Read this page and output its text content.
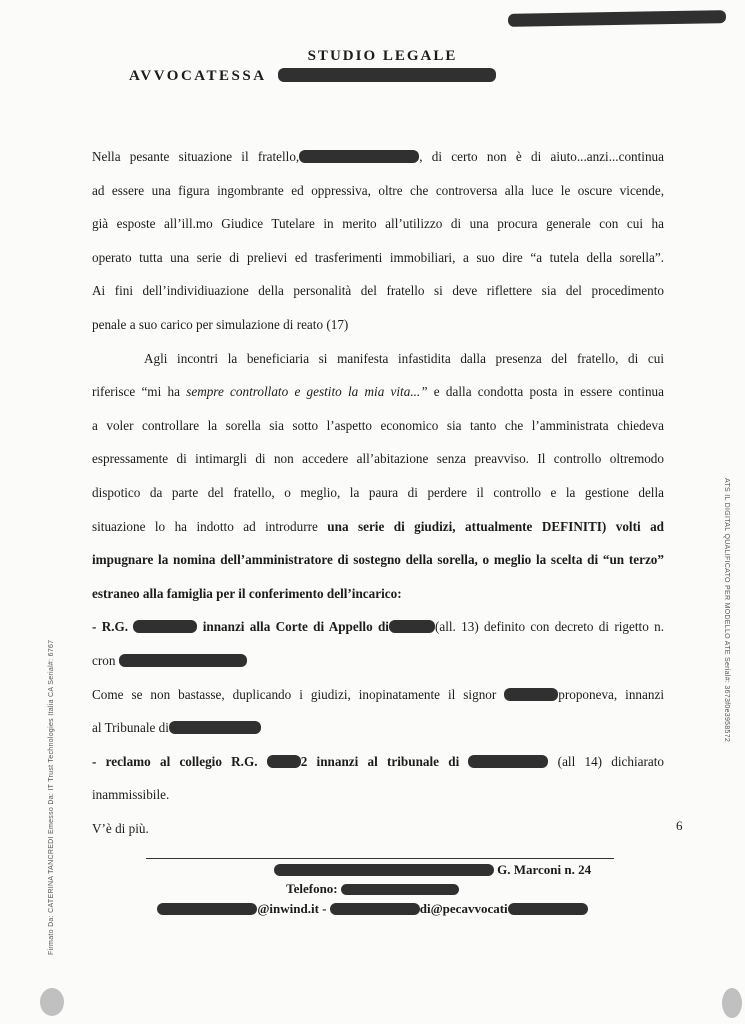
STUDIO LEGALE
AVVOCATESSA
Nella pesante situazione il fratello,	, di certo non è di aiuto...anzi...continua
ad essere una figura ingombrante ed oppressiva, oltre che controversa alla luce le oscure vicende,
già esposte all’ill.mo Giudice Tutelare in merito all’utilizzo di una procura generale con cui ha
operato tutta una serie di prelievi ed trasferimenti immobiliari, a suo dire “a tutela della sorella”.
Ai fini dell’individiuazione della personalità del fratello si deve riflettere sia del procedimento
penale a suo carico per simulazione di reato (17)
Agli incontri la beneficiaria si manifesta infastidita dalla presenza del fratello, di cui
riferisce “mi ha sempre controllato e gestito la mia vita...” e dalla condotta posta in essere continua
a voler controllare la sorella sia sotto l’aspetto economico sia tanto che l’amministrata chiedeva
espressamente di intimargli di non accedere all’abitazione senza preavviso. Il controllo oltremodo
dispotico da parte del fratello, o meglio, la paura di perdere il controllo e la gestione della
situazione lo ha indotto ad introdurre una serie di giudizi, attualmente DEFINITI) volti ad
impugnare la nomina dell’amministratore di sostegno della sorella, o meglio la scelta di “un terzo”
estraneo alla famiglia per il conferimento dell’incarico:
- R.G.	innanzi alla Corte di Appello di	(all. 13) definito con decreto di rigetto n.
cron
Come se non bastasse, duplicando i giudizi, inopinatamente il signor	proponeva, innanzi
al Tribunale di
- reclamo al collegio R.G.	2 innanzi al tribunale di	(all 14) dichiarato
inammissibile.
V’è di più.	6
G. Marconi n. 24
Telefono:
@inwind.it -	di@pecavvocati
Firmato Da: CATERINA TANCREDI Emesso Da: IT Trust Technologies Italia CA Serial#: 6767
ATS IL DIGITAL QUALIFICATO PER MODELLO ATE Serial#: 3673f0e3958572
